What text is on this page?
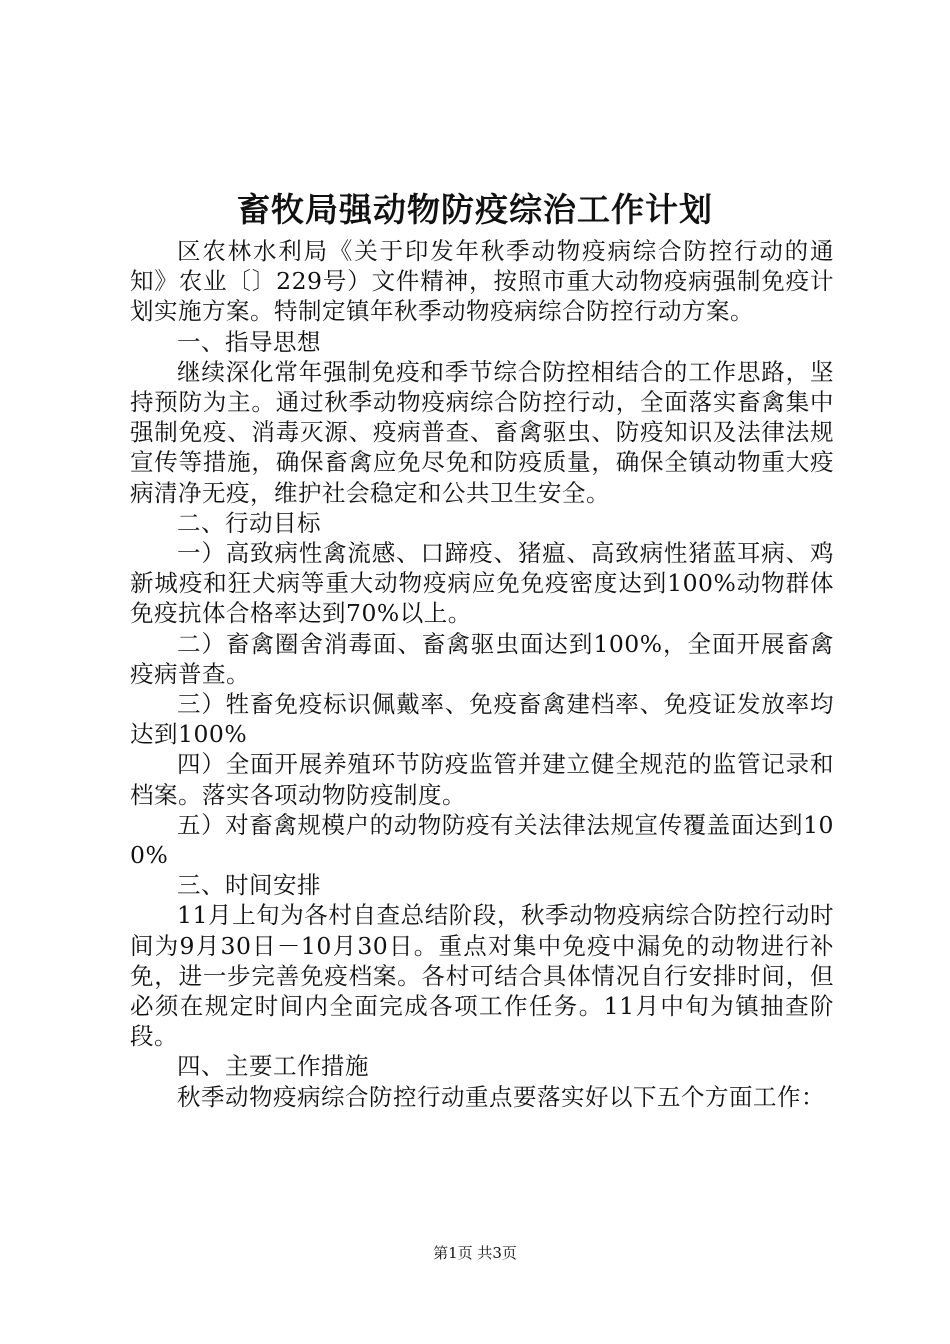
畜牧局强动物防疫综治工作计划

区农林水利局《关于印发年秋季动物疫病综合防控行动的通知》农业〔〕229号）文件精神，按照市重大动物疫病强制免疫计划实施方案。特制定镇年秋季动物疫病综合防控行动方案。

一、指导思想

继续深化常年强制免疫和季节综合防控相结合的工作思路，坚持预防为主。通过秋季动物疫病综合防控行动，全面落实畜禽集中强制免疫、消毒灭源、疫病普查、畜禽驱虫、防疫知识及法律法规宣传等措施，确保畜禽应免尽免和防疫质量，确保全镇动物重大疫病清净无疫，维护社会稳定和公共卫生安全。

二、行动目标

一）高致病性禽流感、口蹄疫、猪瘟、高致病性猪蓝耳病、鸡新城疫和狂犬病等重大动物疫病应免免疫密度达到100%动物群体免疫抗体合格率达到70%以上。

二）畜禽圈舍消毒面、畜禽驱虫面达到100%，全面开展畜禽疫病普查。

三）牲畜免疫标识佩戴率、免疫畜禽建档率、免疫证发放率均达到100%

四）全面开展养殖环节防疫监管并建立健全规范的监管记录和档案。落实各项动物防疫制度。

五）对畜禽规模户的动物防疫有关法律法规宣传覆盖面达到100%

三、时间安排

11月上旬为各村自查总结阶段，秋季动物疫病综合防控行动时间为9月30日－10月30日。重点对集中免疫中漏免的动物进行补免，进一步完善免疫档案。各村可结合具体情况自行安排时间，但必须在规定时间内全面完成各项工作任务。11月中旬为镇抽查阶段。

四、主要工作措施

秋季动物疫病综合防控行动重点要落实好以下五个方面工作：

第1页 共3页
